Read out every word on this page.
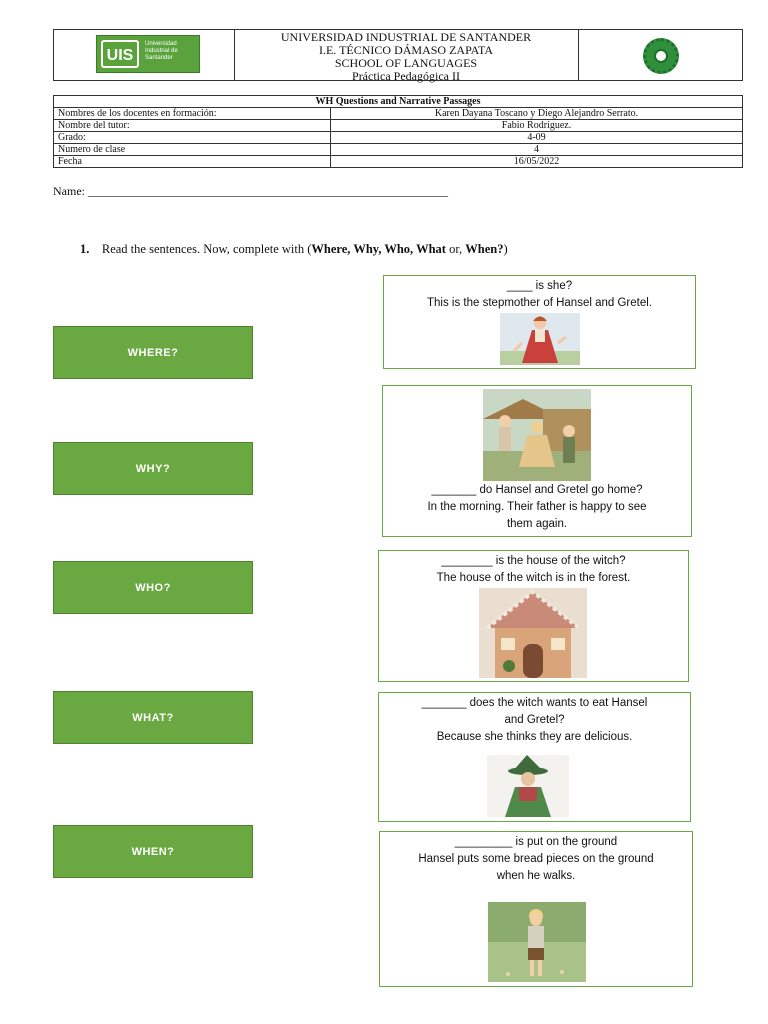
UIS
Universidad
Industrial de
Santander
UNIVERSIDAD INDUSTRIAL DE SANTANDER
I.E. TÉCNICO DÁMASO ZAPATA
SCHOOL OF LANGUAGES
Práctica Pedagógica II
WH Questions and Narrative Passages	
Nombres de los docentes en formación:	Karen Dayana Toscano y Diego Alejandro Serrato.
Nombre del tutor:	Fabio Rodríguez.
Grado:	4-09
Numero de clase	4
Fecha	16/05/2022
Name: ____________________________________________________________
1. Read the sentences. Now, complete with (Where, Why, Who, What or, When?)
WHERE?
WHY?
WHO?
WHAT?
WHEN?
____ is she?
This is the stepmother of Hansel and Gretel.
_______ do Hansel and Gretel go home?
In the morning. Their father is happy to see
them again.
________ is the house of the witch?
The house of the witch is in the forest.
_______ does the witch wants to eat Hansel
and Gretel?
Because she thinks they are delicious.
_________ is put on the ground
Hansel puts some bread pieces on the ground
when he walks.
